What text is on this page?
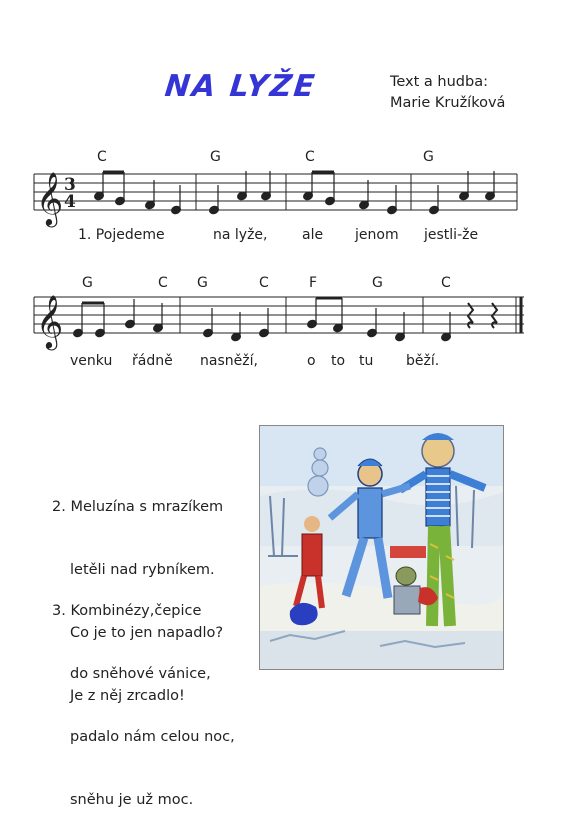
NA LYŽE	Text a hudba:
Marie Kružíková
C	G	C	G
𝄞 3
4
𝄞
1. Pojedeme	na lyže, ale jenom jestli-že
G	C G	C	F	G	C
venku řádně nasněží,	o to tu běží.

2. Meluzína s mrazíkem

letěli nad rybníkem.

Co je to jen napadlo?

Je z něj zrcadlo!

3. Kombinézy,čepice

do sněhové vánice,

padalo nám celou noc,

sněhu je už moc.
